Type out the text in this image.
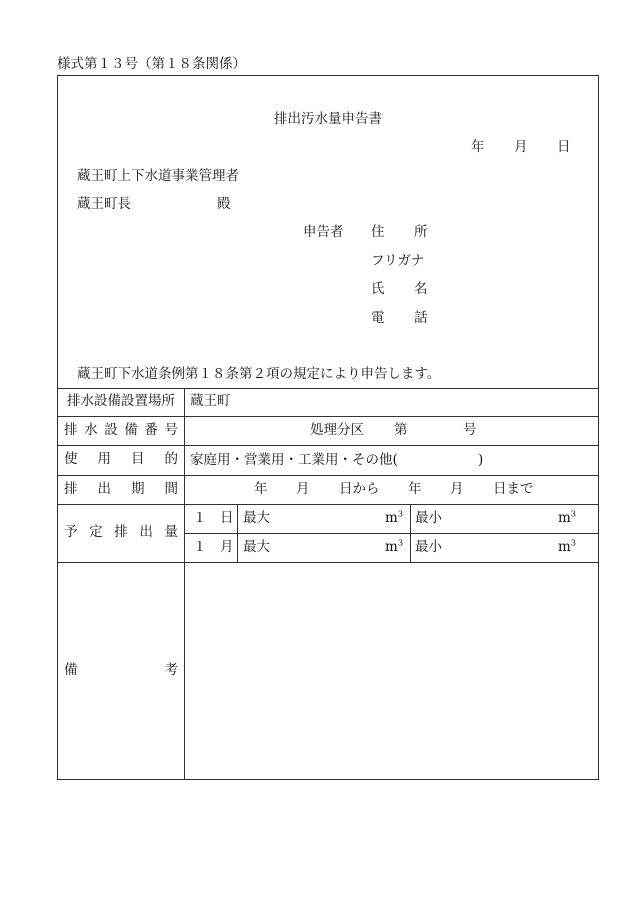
様式第１３号（第１８条関係）
排出汚水量申告書
年 月 日
蔵王町上下水道事業管理者
蔵王町長	殿
申告者 住 所
フリガナ
氏 名
電 話
蔵王町下水道条例第１８条第２項の規定により申告します。
排水設備設置場所	蔵王町
排 水 設 備 番 号	処理分区 第	号
使 用 目 的 家庭用・営業用・工業用・その他(	)
排 出 期 間	年 月 日から 年 月 日まで
予 定 排 出 量
１ 日 最大	$m^3$ 最小	$m^3$
１ 月 最大	$m^3$ 最小	$m^3$
備	考
